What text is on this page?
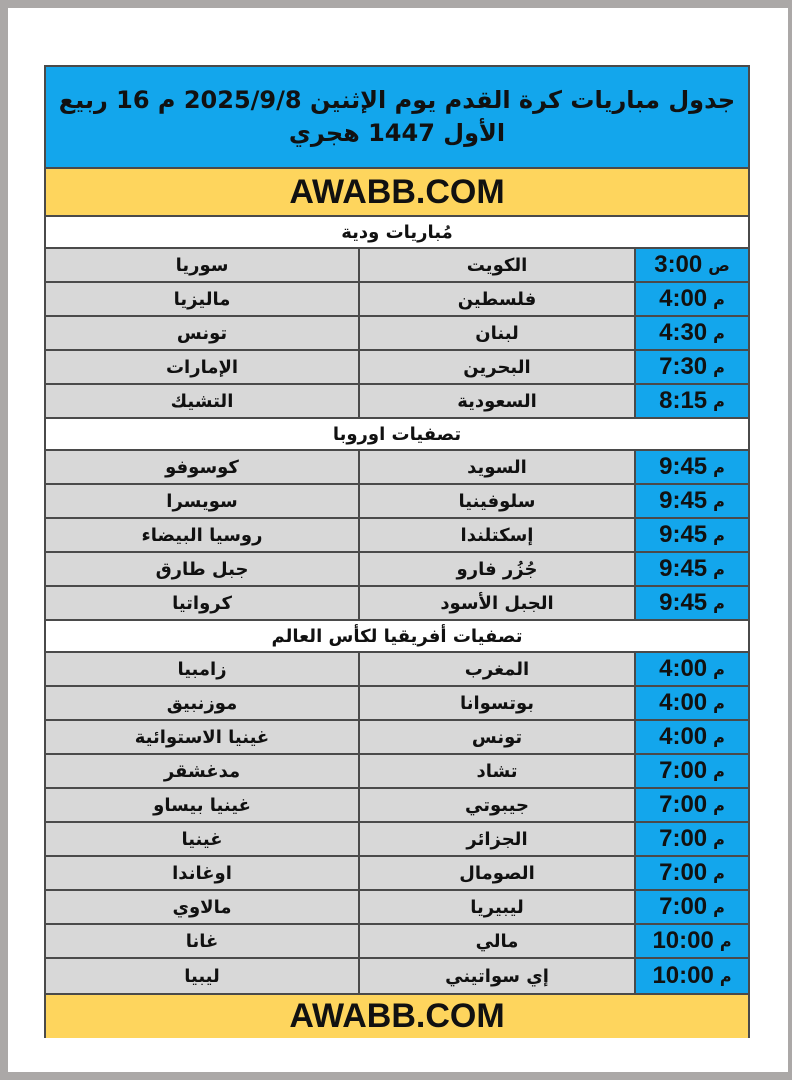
جدول مباريات كرة القدم يوم الإثنين 2025/9/8 م 16 ربيع الأول 1447 هجري
AWABB.COM
مُباريات ودية
ص
3:00
الكويت
سوريا
م
4:00
فلسطين
ماليزيا
م
4:30
لبنان
تونس
م
7:30
البحرين
الإمارات
م
8:15
السعودية
التشيك
تصفيات اوروبا
م
9:45
السويد
كوسوفو
م
9:45
سلوفينيا
سويسرا
م
9:45
إسكتلندا
روسيا البيضاء
م
9:45
جُزُر فارو
جبل طارق
م
9:45
الجبل الأسود
كرواتيا
تصفيات أفريقيا لكأس العالم
م
4:00
المغرب
زامبيا
م
4:00
بوتسوانا
موزنبيق
م
4:00
تونس
غينيا الاستوائية
م
7:00
تشاد
مدغشقر
م
7:00
جيبوتي
غينيا بيساو
م
7:00
الجزائر
غينيا
م
7:00
الصومال
اوغاندا
م
7:00
ليبيريا
مالاوي
م
10:00
مالي
غانا
م
10:00
إي سواتيني
ليبيا
AWABB.COM
